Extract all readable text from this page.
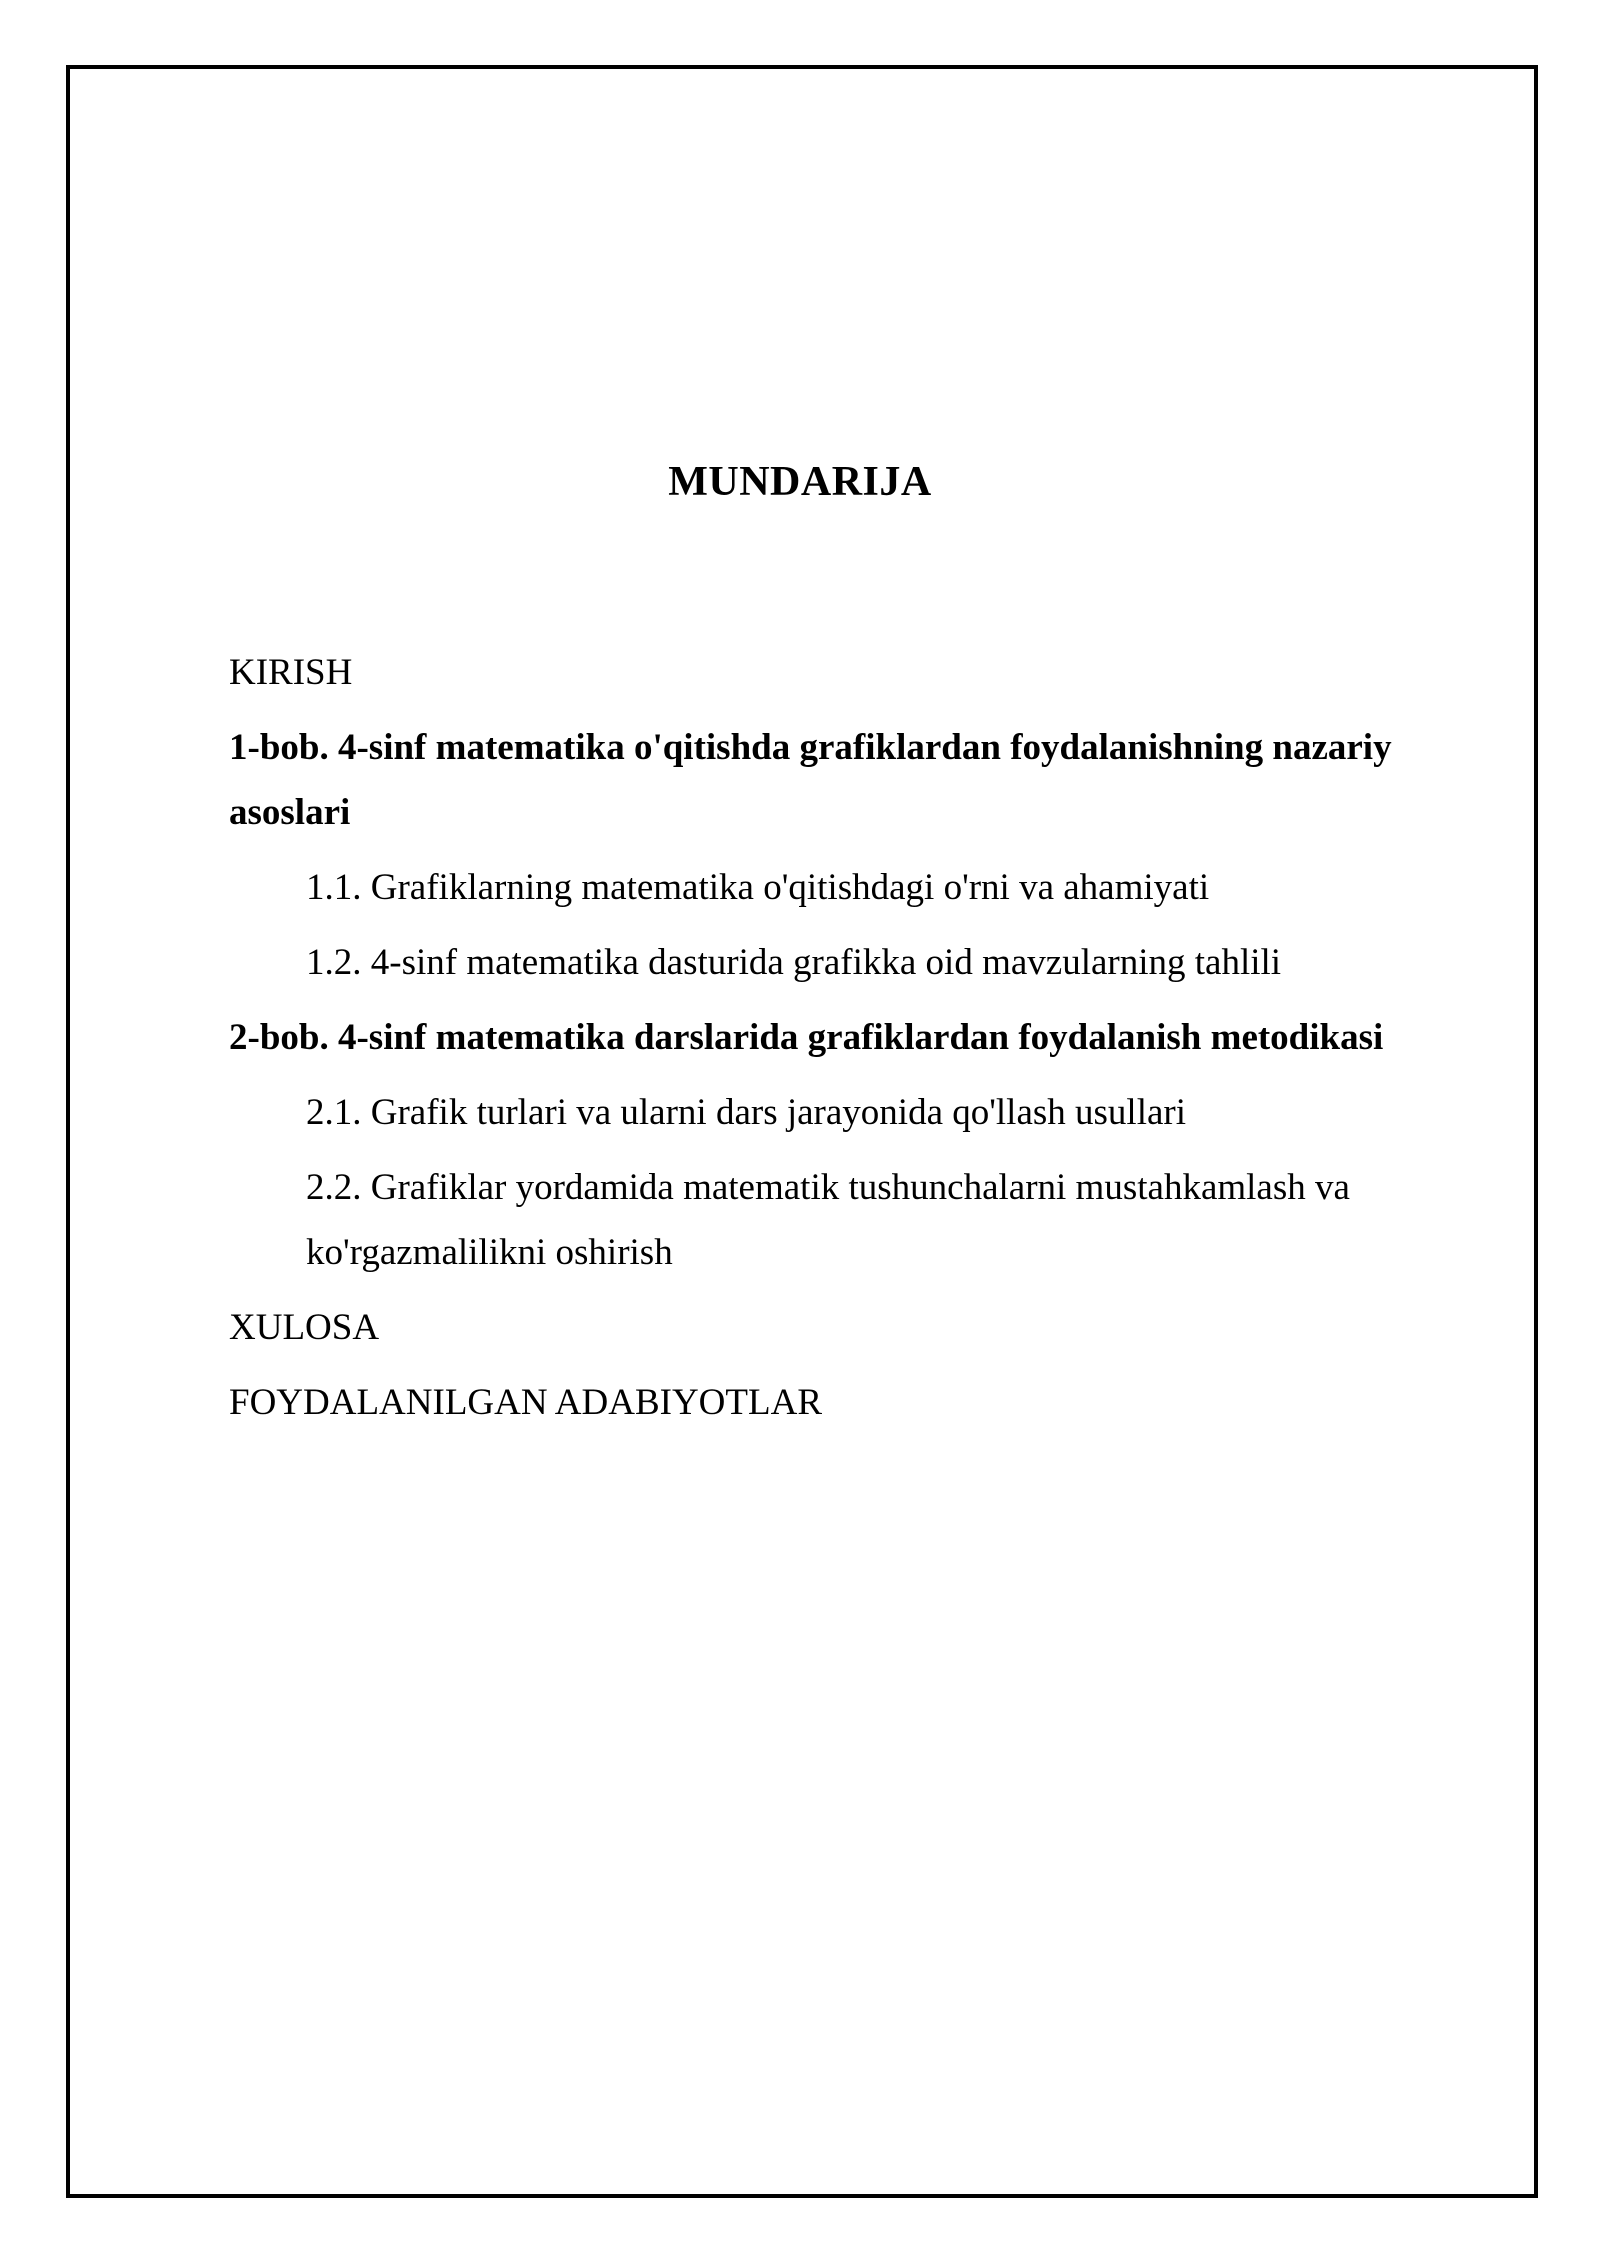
MUNDARIJA

KIRISH

1-bob. 4-sinf matematika o'qitishda grafiklardan foydalanishning nazariy asoslari

1.1. Grafiklarning matematika o'qitishdagi o'rni va ahamiyati

1.2. 4-sinf matematika dasturida grafikka oid mavzularning tahlili

2-bob. 4-sinf matematika darslarida grafiklardan foydalanish metodikasi

2.1. Grafik turlari va ularni dars jarayonida qo'llash usullari

2.2. Grafiklar yordamida matematik tushunchalarni mustahkamlash va ko'rgazmalilikni oshirish

XULOSA

FOYDALANILGAN ADABIYOTLAR
